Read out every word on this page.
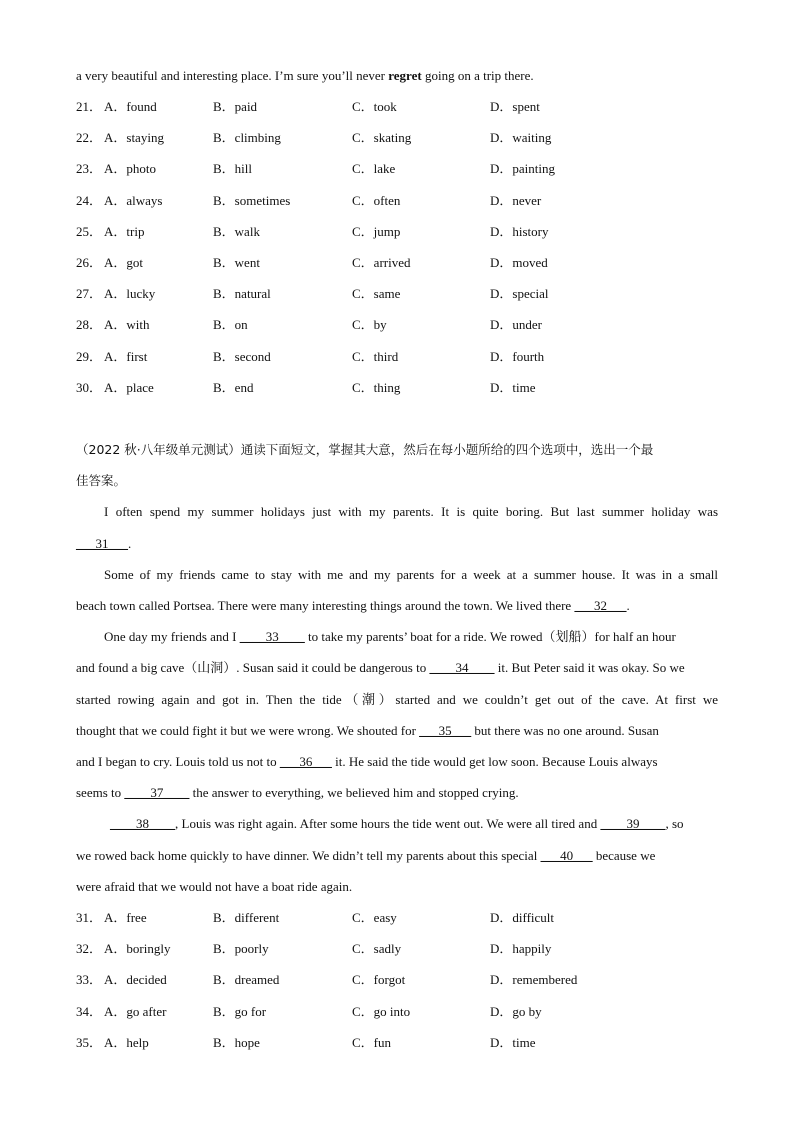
a very beautiful and interesting place. I’m sure you’ll never regret going on a trip there.
21． A．found	B．paid	C．took	D．spent
22． A．staying	B．climbing	C．skating	D．waiting
23． A．photo	B．hill	C．lake	D．painting
24． A．always	B．sometimes	C．often	D．never
25． A．trip	B．walk	C．jump	D．history
26． A．got	B．went	C．arrived	D．moved
27． A．lucky	B．natural	C．same	D．special
28． A．with	B．on	C．by	D．under
29． A．first	B．second	C．third	D．fourth
30． A．place	B．end	C．thing	D．time
（2022 秋·八年级单元测试）通读下面短文，掌握其大意，然后在每小题所给的四个选项中，选出一个最
佳答案。
I often spend my summer holidays just with my parents. It is quite boring. But last summer holiday was
___31___.
Some of my friends came to stay with me and my parents for a week at a summer house. It was in a small
beach town called Portsea. There were many interesting things around the town. We lived there ___32___.
One day my friends and I ____33____ to take my parents’ boat for a ride. We rowed（划船）for half an hour
and found a big cave（山洞）. Susan said it could be dangerous to ____34____ it. But Peter said it was okay. So we
started rowing again and got in. Then the tide（潮）started and we couldn’t get out of the cave. At first we
thought that we could fight it but we were wrong. We shouted for ___35___ but there was no one around. Susan
and I began to cry. Louis told us not to ___36___ it. He said the tide would get low soon. Because Louis always
seems to ____37____ the answer to everything, we believed him and stopped crying.
____38____, Louis was right again. After some hours the tide went out. We were all tired and ____39____, so
we rowed back home quickly to have dinner. We didn’t tell my parents about this special ___40___ because we
were afraid that we would not have a boat ride again.
31． A．free	B．different	C．easy	D．difficult
32． A．boringly	B．poorly	C．sadly	D．happily
33． A．decided	B．dreamed	C．forgot	D．remembered
34． A．go after	B．go for	C．go into	D．go by
35． A．help	B．hope	C．fun	D．time
